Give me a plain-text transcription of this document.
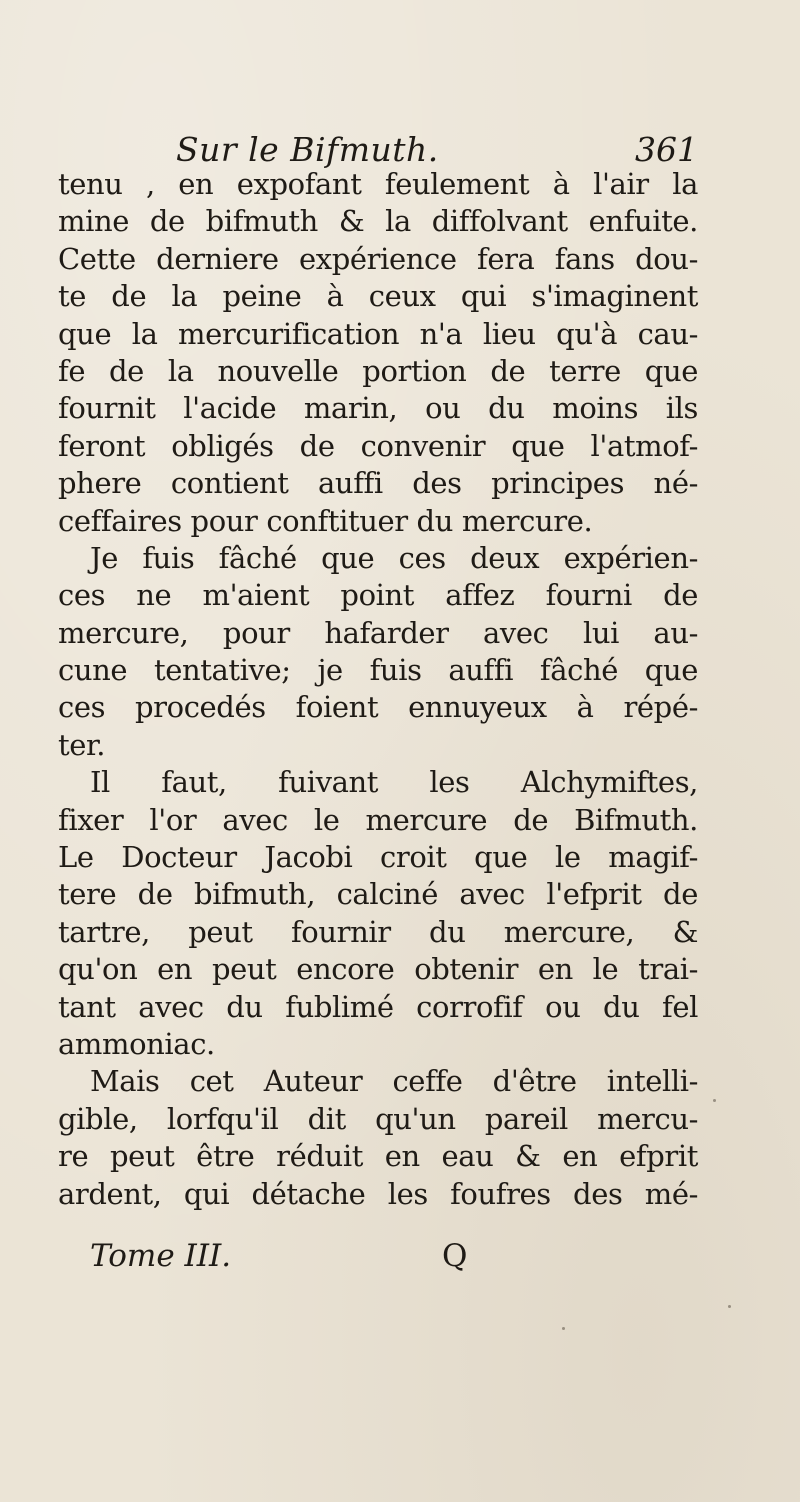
Sur le Bifmuth.	361
tenu , en expofant feulement à l'air la
mine de bifmuth & la diffolvant enfuite.
Cette derniere expérience fera fans dou-
te de la peine à ceux qui s'imaginent
que la mercurification n'a lieu qu'à cau-
fe de la nouvelle portion de terre que
fournit l'acide marin, ou du moins ils
feront obligés de convenir que l'atmof-
phere contient auffi des principes né-
ceffaires pour conftituer du mercure.
Je fuis fâché que ces deux expérien-
ces ne m'aient point affez fourni de
mercure, pour hafarder avec lui au-
cune tentative; je fuis auffi fâché que
ces procedés foient ennuyeux à répé-
ter.
Il faut, fuivant les Alchymiftes,
fixer l'or avec le mercure de Bifmuth.
Le Docteur Jacobi croit que le magif-
tere de bifmuth, calciné avec l'efprit de
tartre, peut fournir du mercure, &
qu'on en peut encore obtenir en le trai-
tant avec du fublimé corrofif ou du fel
ammoniac.
Mais cet Auteur ceffe d'être intelli-
gible, lorfqu'il dit qu'un pareil mercu-
re peut être réduit en eau & en efprit
ardent, qui détache les foufres des mé-
Tome III.	Q
